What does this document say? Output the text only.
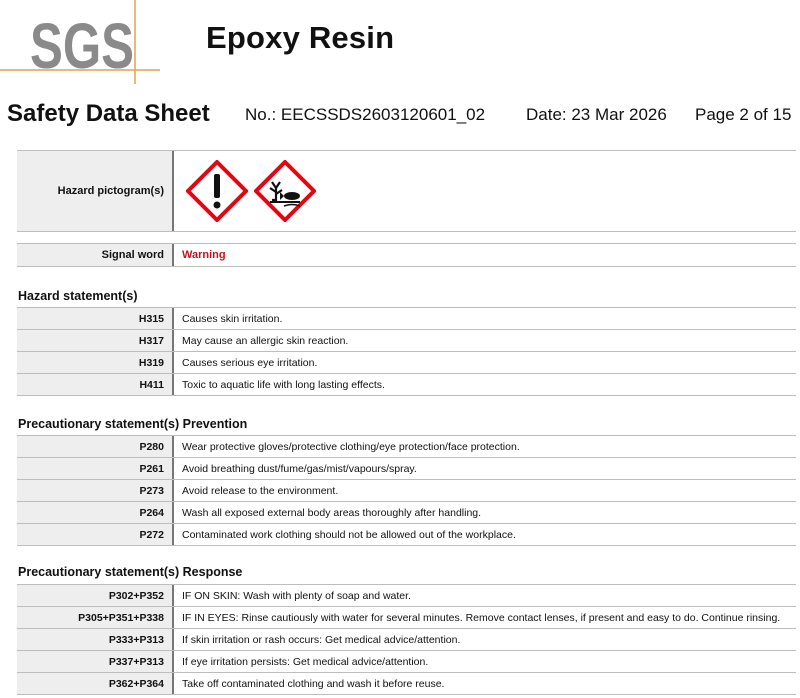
SGS Epoxy Resin
Safety Data Sheet No.: EECSSDS2603120601_02 Date: 23 Mar 2026 Page 2 of 15
Hazard pictogram(s)
Signal word	Warning
Hazard statement(s)
H315	Causes skin irritation.
H317	May cause an allergic skin reaction.
H319	Causes serious eye irritation.
H411	Toxic to aquatic life with long lasting effects.
Precautionary statement(s) Prevention
P280	Wear protective gloves/protective clothing/eye protection/face protection.
P261	Avoid breathing dust/fume/gas/mist/vapours/spray.
P273	Avoid release to the environment.
P264	Wash all exposed external body areas thoroughly after handling.
P272	Contaminated work clothing should not be allowed out of the workplace.
Precautionary statement(s) Response
P302+P352	IF ON SKIN: Wash with plenty of soap and water.
P305+P351+P338	IF IN EYES: Rinse cautiously with water for several minutes. Remove contact lenses, if present and easy to do. Continue rinsing.
P333+P313	If skin irritation or rash occurs: Get medical advice/attention.
P337+P313	If eye irritation persists: Get medical advice/attention.
P362+P364	Take off contaminated clothing and wash it before reuse.
